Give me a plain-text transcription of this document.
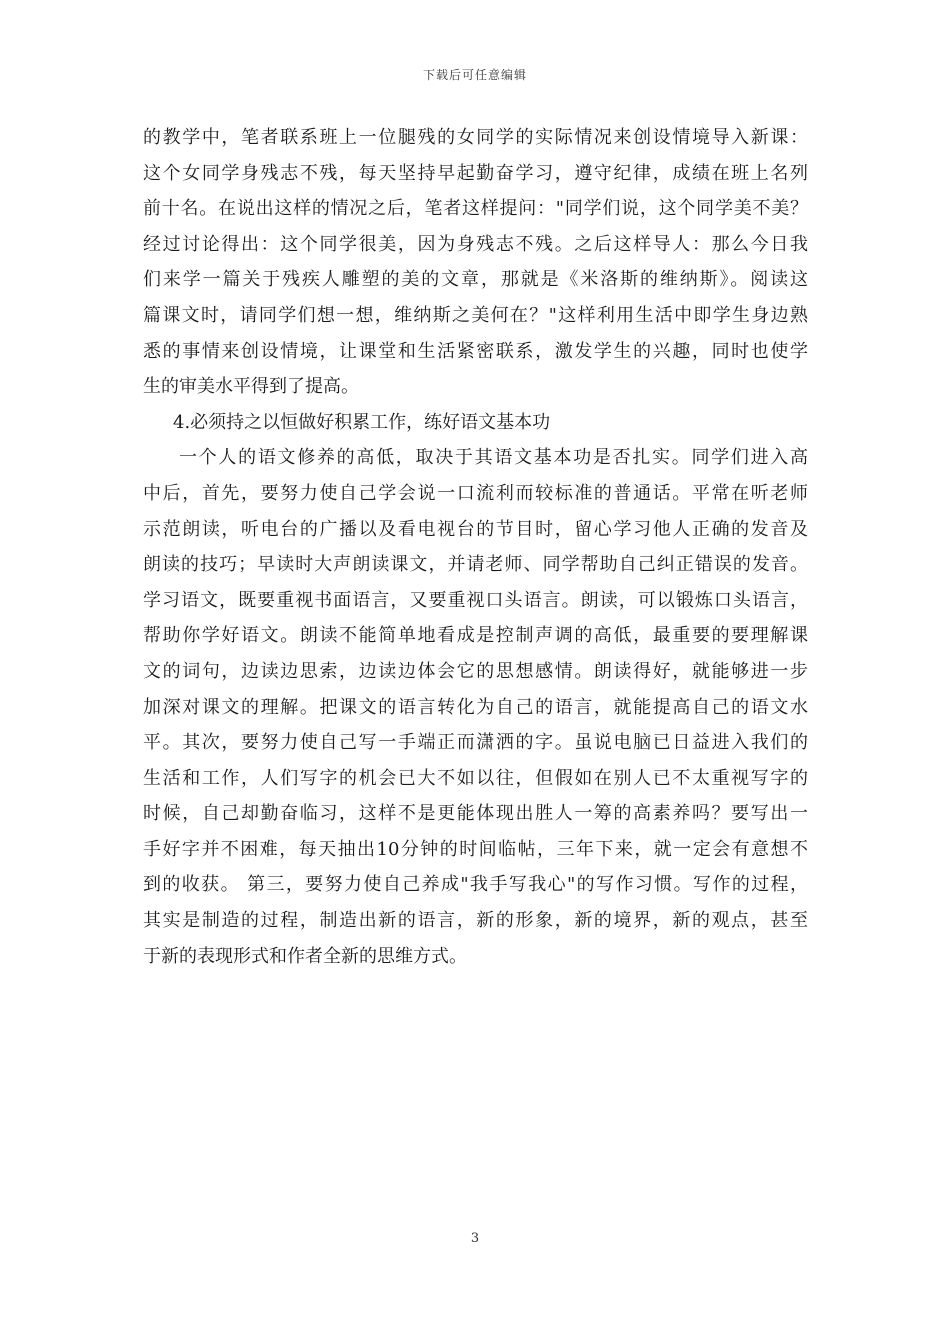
下载后可任意编辑
的教学中，笔者联系班上一位腿残的女同学的实际情况来创设情境导入新课：
这个女同学身残志不残，每天坚持早起勤奋学习，遵守纪律，成绩在班上名列
前十名。在说出这样的情况之后，笔者这样提问："同学们说，这个同学美不美？
经过讨论得出：这个同学很美，因为身残志不残。之后这样导人：那么今日我
们来学一篇关于残疾人雕塑的美的文章，那就是《米洛斯的维纳斯》。阅读这
篇课文时，请同学们想一想，维纳斯之美何在？"这样利用生活中即学生身边熟
悉的事情来创设情境，让课堂和生活紧密联系，激发学生的兴趣，同时也使学
生的审美水平得到了提高。
4.必须持之以恒做好积累工作，练好语文基本功
一个人的语文修养的高低，取决于其语文基本功是否扎实。同学们进入高
中后，首先，要努力使自己学会说一口流利而较标准的普通话。平常在听老师
示范朗读，听电台的广播以及看电视台的节目时，留心学习他人正确的发音及
朗读的技巧；早读时大声朗读课文，并请老师、同学帮助自己纠正错误的发音。
学习语文，既要重视书面语言，又要重视口头语言。朗读，可以锻炼口头语言，
帮助你学好语文。朗读不能简单地看成是控制声调的高低，最重要的要理解课
文的词句，边读边思索，边读边体会它的思想感情。朗读得好，就能够进一步
加深对课文的理解。把课文的语言转化为自己的语言，就能提高自己的语文水
平。其次，要努力使自己写一手端正而潇洒的字。虽说电脑已日益进入我们的
生活和工作，人们写字的机会已大不如以往，但假如在别人已不太重视写字的
时候，自己却勤奋临习，这样不是更能体现出胜人一筹的高素养吗？要写出一
手好字并不困难，每天抽出10分钟的时间临帖，三年下来，就一定会有意想不
到的收获。 第三，要努力使自己养成"我手写我心"的写作习惯。写作的过程，
其实是制造的过程，制造出新的语言，新的形象，新的境界，新的观点，甚至
于新的表现形式和作者全新的思维方式。
3
